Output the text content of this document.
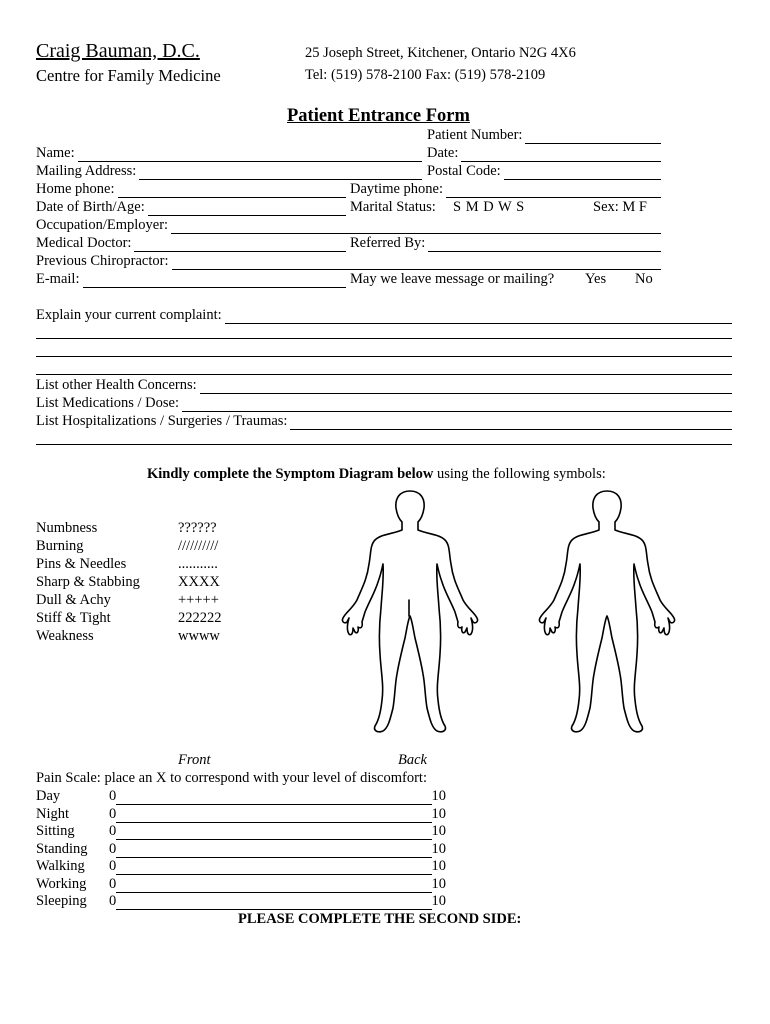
Craig Bauman, D.C.
Centre for Family Medicine
25 Joseph Street, Kitchener, Ontario N2G 4X6
Tel: (519) 578-2100 Fax: (519) 578-2109
Patient Entrance Form
Patient Number:
Name:	Date:
Mailing Address:	Postal Code:
Home phone:	Daytime phone:
Date of Birth/Age:	Marital Status: S M D W S	Sex: M F
Occupation/Employer:
Medical Doctor:	Referred By:
Previous Chiropractor:
E-mail:	May we leave message or mailing? Yes No
Explain your current complaint:
List other Health Concerns:
List Medications / Dose:
List Hospitalizations / Surgeries / Traumas:
Kindly complete the Symptom Diagram below using the following symbols:
Numbness	??????
Burning	//////////
Pins & Needles	...........
Sharp & Stabbing	XXXX
Dull & Achy	+++++
Stiff & Tight	222222
Weakness	wwww
Front	Back
Pain Scale: place an X to correspond with your level of discomfort:
Day	0	10
Night	0	10
Sitting	0	10
Standing	0	10
Walking	0	10
Working	0	10
Sleeping	0	10
PLEASE COMPLETE THE SECOND SIDE:
